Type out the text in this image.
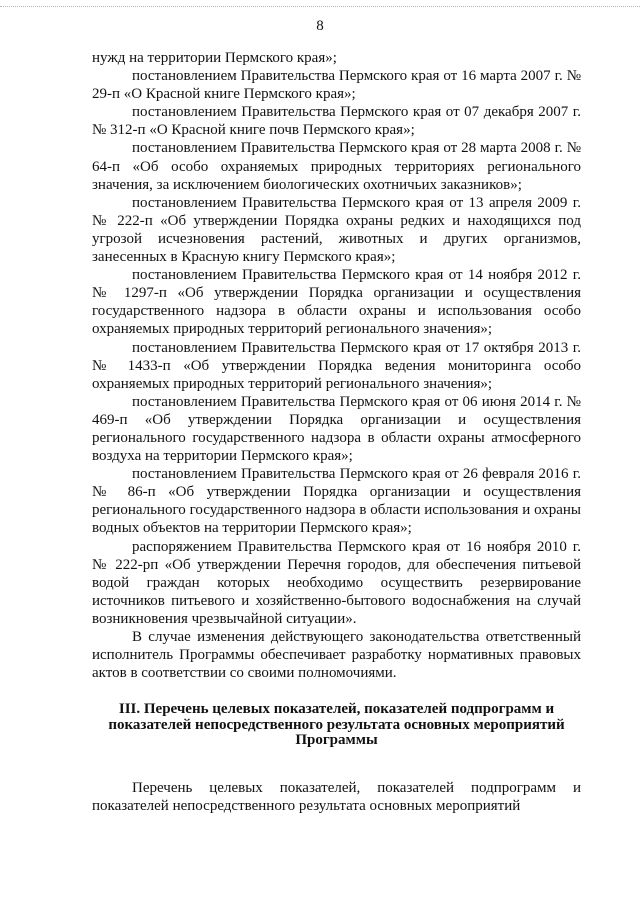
8

нужд на территории Пермского края»;

постановлением Правительства Пермского края от 16 марта 2007 г. № 29-п «О Красной книге Пермского края»;

постановлением Правительства Пермского края от 07 декабря 2007 г. № 312-п «О Красной книге почв Пермского края»;

постановлением Правительства Пермского края от 28 марта 2008 г. № 64-п «Об особо охраняемых природных территориях регионального значения, за исключением биологических охотничьих заказников»;

постановлением Правительства Пермского края от 13 апреля 2009 г. № 222-п «Об утверждении Порядка охраны редких и находящихся под угрозой исчезновения растений, животных и других организмов, занесенных в Красную книгу Пермского края»;

постановлением Правительства Пермского края от 14 ноября 2012 г. № 1297-п «Об утверждении Порядка организации и осуществления государственного надзора в области охраны и использования особо охраняемых природных территорий регионального значения»;

постановлением Правительства Пермского края от 17 октября 2013 г. № 1433-п «Об утверждении Порядка ведения мониторинга особо охраняемых природных территорий регионального значения»;

постановлением Правительства Пермского края от 06 июня 2014 г. № 469-п «Об утверждении Порядка организации и осуществления регионального государственного надзора в области охраны атмосферного воздуха на территории Пермского края»;

постановлением Правительства Пермского края от 26 февраля 2016 г. № 86-п «Об утверждении Порядка организации и осуществления регионального государственного надзора в области использования и охраны водных объектов на территории Пермского края»;

распоряжением Правительства Пермского края от 16 ноября 2010 г. № 222-рп «Об утверждении Перечня городов, для обеспечения питьевой водой граждан которых необходимо осуществить резервирование источников питьевого и хозяйственно-бытового водоснабжения на случай возникновения чрезвычайной ситуации».

В случае изменения действующего законодательства ответственный исполнитель Программы обеспечивает разработку нормативных правовых актов в соответствии со своими полномочиями.

III. Перечень целевых показателей, показателей подпрограмм и показателей непосредственного результата основных мероприятий Программы

Перечень целевых показателей, показателей подпрограмм и показателей непосредственного результата основных мероприятий
